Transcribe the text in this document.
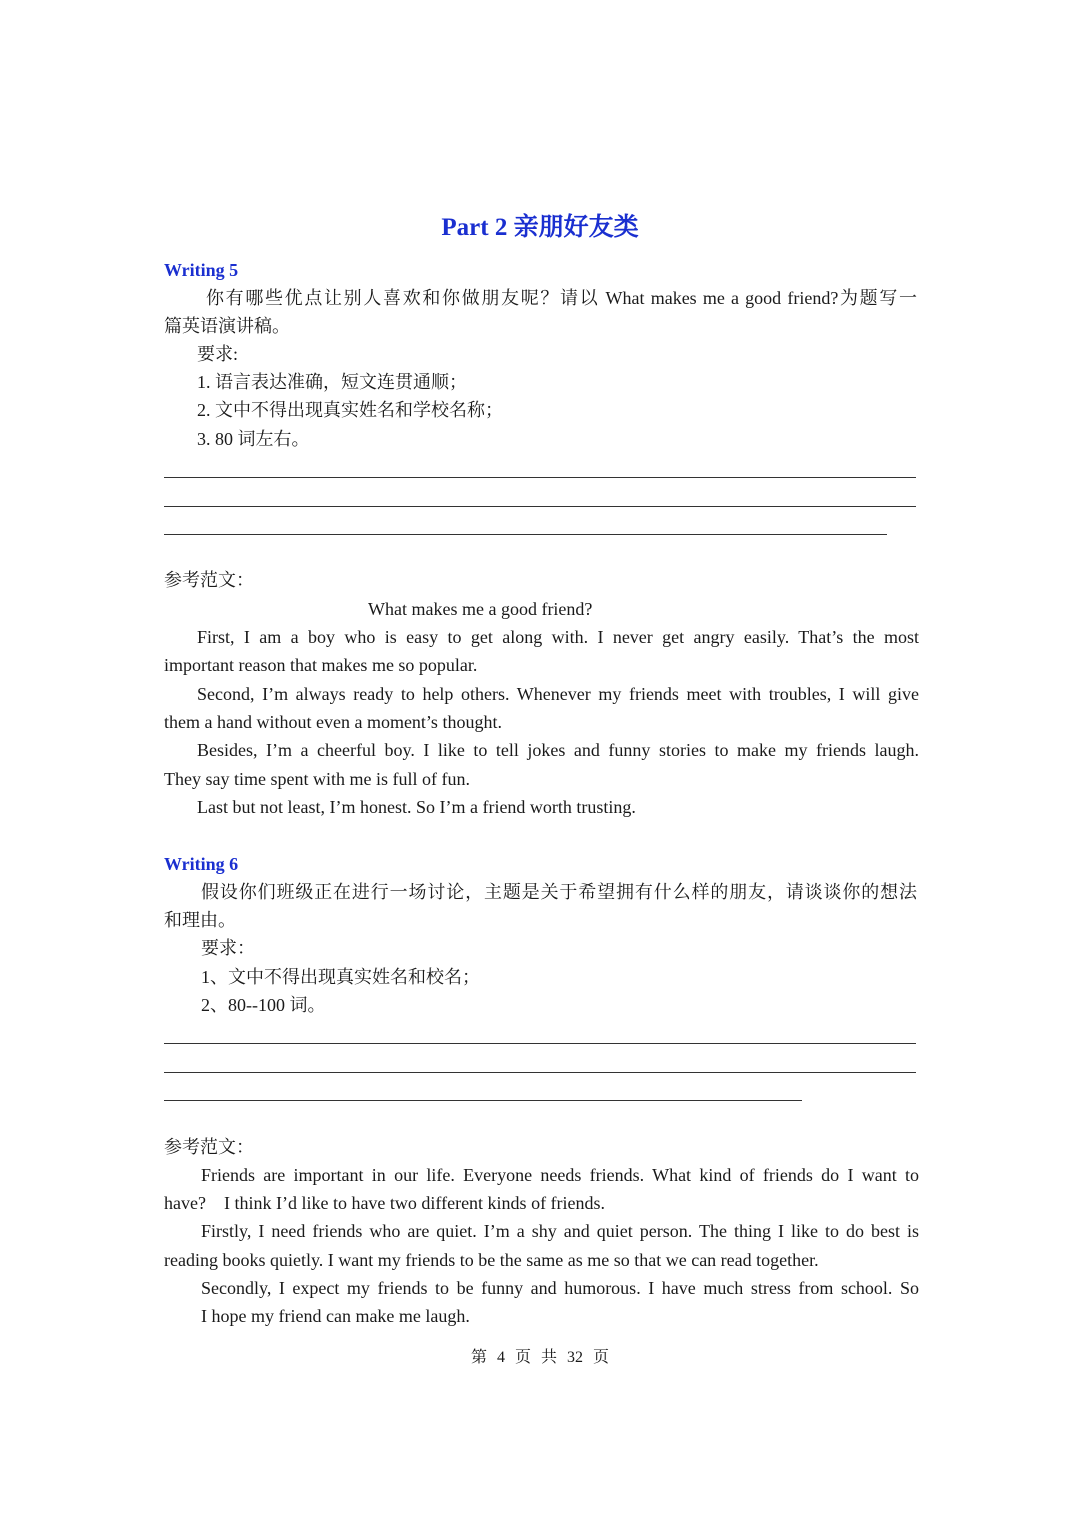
Part 2 亲朋好友类
Writing 5
你有哪些优点让别人喜欢和你做朋友呢？请以 What makes me a good friend?为题写一
篇英语演讲稿。
要求:
1. 语言表达准确，短文连贯通顺；
2. 文中不得出现真实姓名和学校名称；
3. 80 词左右。
参考范文：
What makes me a good friend?
First, I am a boy who is easy to get along with. I never get angry easily. That’s the most
important reason that makes me so popular.
Second, I’m always ready to help others. Whenever my friends meet with troubles, I will give
them a hand without even a moment’s thought.
Besides, I’m a cheerful boy. I like to tell jokes and funny stories to make my friends laugh.
They say time spent with me is full of fun.
Last but not least, I’m honest. So I’m a friend worth trusting.
Writing 6
假设你们班级正在进行一场讨论，主题是关于希望拥有什么样的朋友，请谈谈你的想法
和理由。
要求：
1、文中不得出现真实姓名和校名；
2、80--100 词。
参考范文：
Friends are important in our life. Everyone needs friends. What kind of friends do I want to
have?    I think I’d like to have two different kinds of friends.
Firstly, I need friends who are quiet. I’m a shy and quiet person. The thing I like to do best is
reading books quietly. I want my friends to be the same as me so that we can read together.
Secondly, I expect my friends to be funny and humorous. I have much stress from school. So
I hope my friend can make me laugh.
第 4 页 共 32 页
